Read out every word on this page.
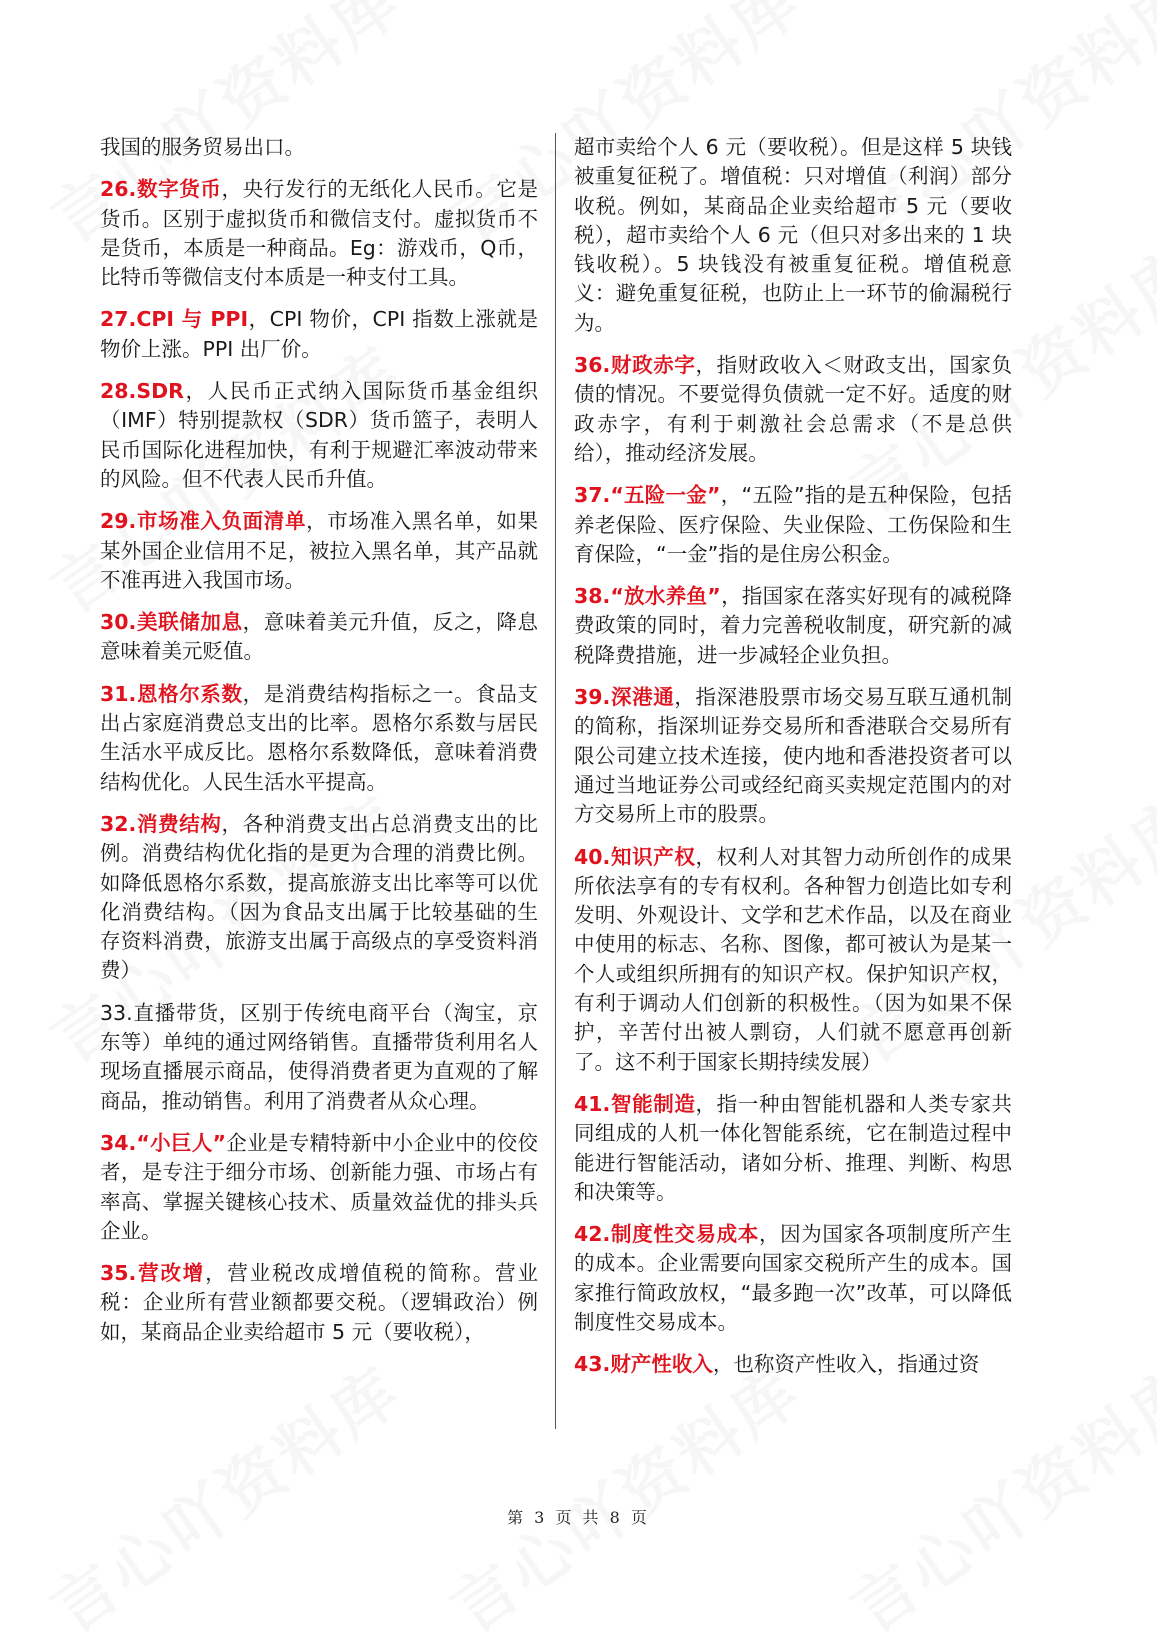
我国的服务贸易出口。

26.数字货币，央行发行的无纸化人民币。它是货币。区别于虚拟货币和微信支付。虚拟货币不是货币，本质是一种商品。Eg：游戏币，Q币，比特币等微信支付本质是一种支付工具。

27.CPI 与 PPI，CPI 物价，CPI 指数上涨就是物价上涨。PPI 出厂价。

28.SDR，人民币正式纳入国际货币基金组织（IMF）特别提款权（SDR）货币篮子，表明人民币国际化进程加快，有利于规避汇率波动带来的风险。但不代表人民币升值。

29.市场准入负面清单，市场准入黑名单，如果某外国企业信用不足，被拉入黑名单，其产品就不准再进入我国市场。

30.美联储加息，意味着美元升值，反之，降息意味着美元贬值。

31.恩格尔系数，是消费结构指标之一。食品支出占家庭消费总支出的比率。恩格尔系数与居民生活水平成反比。恩格尔系数降低，意味着消费结构优化。人民生活水平提高。

32.消费结构，各种消费支出占总消费支出的比例。消费结构优化指的是更为合理的消费比例。如降低恩格尔系数，提高旅游支出比率等可以优化消费结构。（因为食品支出属于比较基础的生存资料消费，旅游支出属于高级点的享受资料消费）

33.直播带货，区别于传统电商平台（淘宝，京东等）单纯的通过网络销售。直播带货利用名人现场直播展示商品，使得消费者更为直观的了解商品，推动销售。利用了消费者从众心理。

34.“小巨人”企业是专精特新中小企业中的佼佼者，是专注于细分市场、创新能力强、市场占有率高、掌握关键核心技术、质量效益优的排头兵企业。

35.营改增，营业税改成增值税的简称。营业税：企业所有营业额都要交税。（逻辑政治）例如，某商品企业卖给超市 5 元（要收税），

超市卖给个人 6 元（要收税）。但是这样 5 块钱被重复征税了。增值税：只对增值（利润）部分收税。例如，某商品企业卖给超市 5 元（要收税），超市卖给个人 6 元（但只对多出来的 1 块钱收税）。5 块钱没有被重复征税。增值税意义：避免重复征税，也防止上一环节的偷漏税行为。

36.财政赤字，指财政收入＜财政支出，国家负债的情况。不要觉得负债就一定不好。适度的财政赤字，有利于刺激社会总需求（不是总供给），推动经济发展。

37.“五险一金”，“五险”指的是五种保险，包括养老保险、医疗保险、失业保险、工伤保险和生育保险，“一金”指的是住房公积金。

38.“放水养鱼”，指国家在落实好现有的减税降费政策的同时，着力完善税收制度，研究新的减税降费措施，进一步减轻企业负担。

39.深港通，指深港股票市场交易互联互通机制的简称，指深圳证券交易所和香港联合交易所有限公司建立技术连接，使内地和香港投资者可以通过当地证券公司或经纪商买卖规定范围内的对方交易所上市的股票。

40.知识产权，权利人对其智力动所创作的成果所依法享有的专有权利。各种智力创造比如专利发明、外观设计、文学和艺术作品，以及在商业中使用的标志、名称、图像，都可被认为是某一个人或组织所拥有的知识产权。保护知识产权，有利于调动人们创新的积极性。（因为如果不保护，辛苦付出被人剽窃，人们就不愿意再创新了。这不利于国家长期持续发展）

41.智能制造，指一种由智能机器和人类专家共同组成的人机一体化智能系统，它在制造过程中能进行智能活动，诸如分析、推理、判断、构思和决策等。

42.制度性交易成本，因为国家各项制度所产生的成本。企业需要向国家交税所产生的成本。国家推行简政放权，“最多跑一次”改革，可以降低制度性交易成本。

43.财产性收入，也称资产性收入，指通过资

第 3 页 共 8 页
